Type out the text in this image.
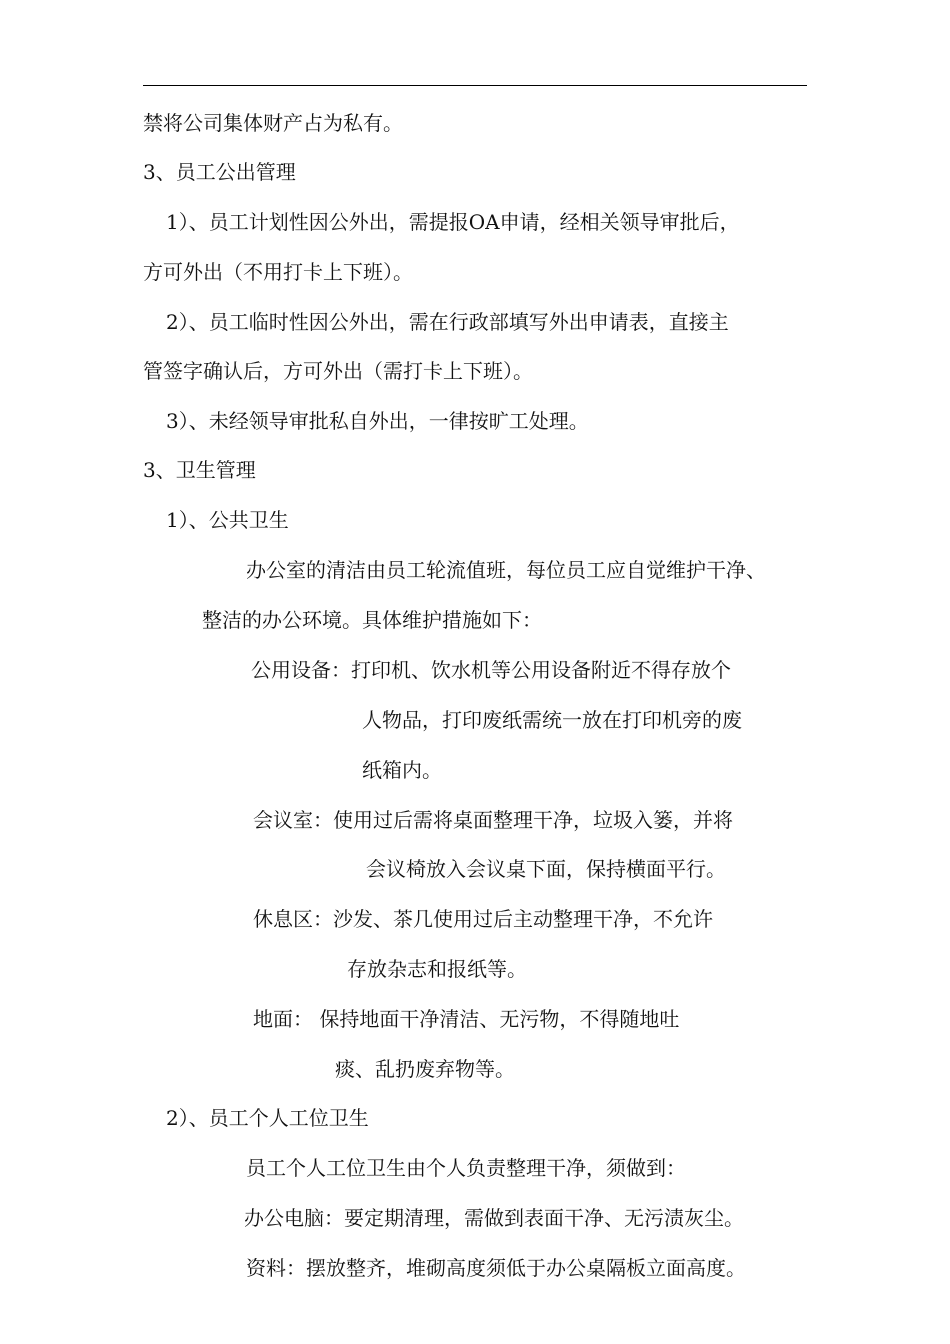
禁将公司集体财产占为私有。
3、员工公出管理
1）、员工计划性因公外出，需提报OA申请，经相关领导审批后，
方可外出（不用打卡上下班）。
2）、员工临时性因公外出，需在行政部填写外出申请表，直接主
管签字确认后，方可外出（需打卡上下班）。
3）、未经领导审批私自外出，一律按旷工处理。
3、卫生管理
1）、公共卫生
办公室的清洁由员工轮流值班，每位员工应自觉维护干净、
整洁的办公环境。具体维护措施如下：
公用设备：打印机、饮水机等公用设备附近不得存放个
人物品，打印废纸需统一放在打印机旁的废
纸箱内。
会议室：使用过后需将桌面整理干净，垃圾入篓，并将
会议椅放入会议桌下面，保持横面平行。
休息区：沙发、茶几使用过后主动整理干净，不允许
存放杂志和报纸等。
地面： 保持地面干净清洁、无污物，不得随地吐
痰、乱扔废弃物等。
2）、员工个人工位卫生
员工个人工位卫生由个人负责整理干净，须做到：
办公电脑：要定期清理，需做到表面干净、无污渍灰尘。
资料：摆放整齐，堆砌高度须低于办公桌隔板立面高度。
